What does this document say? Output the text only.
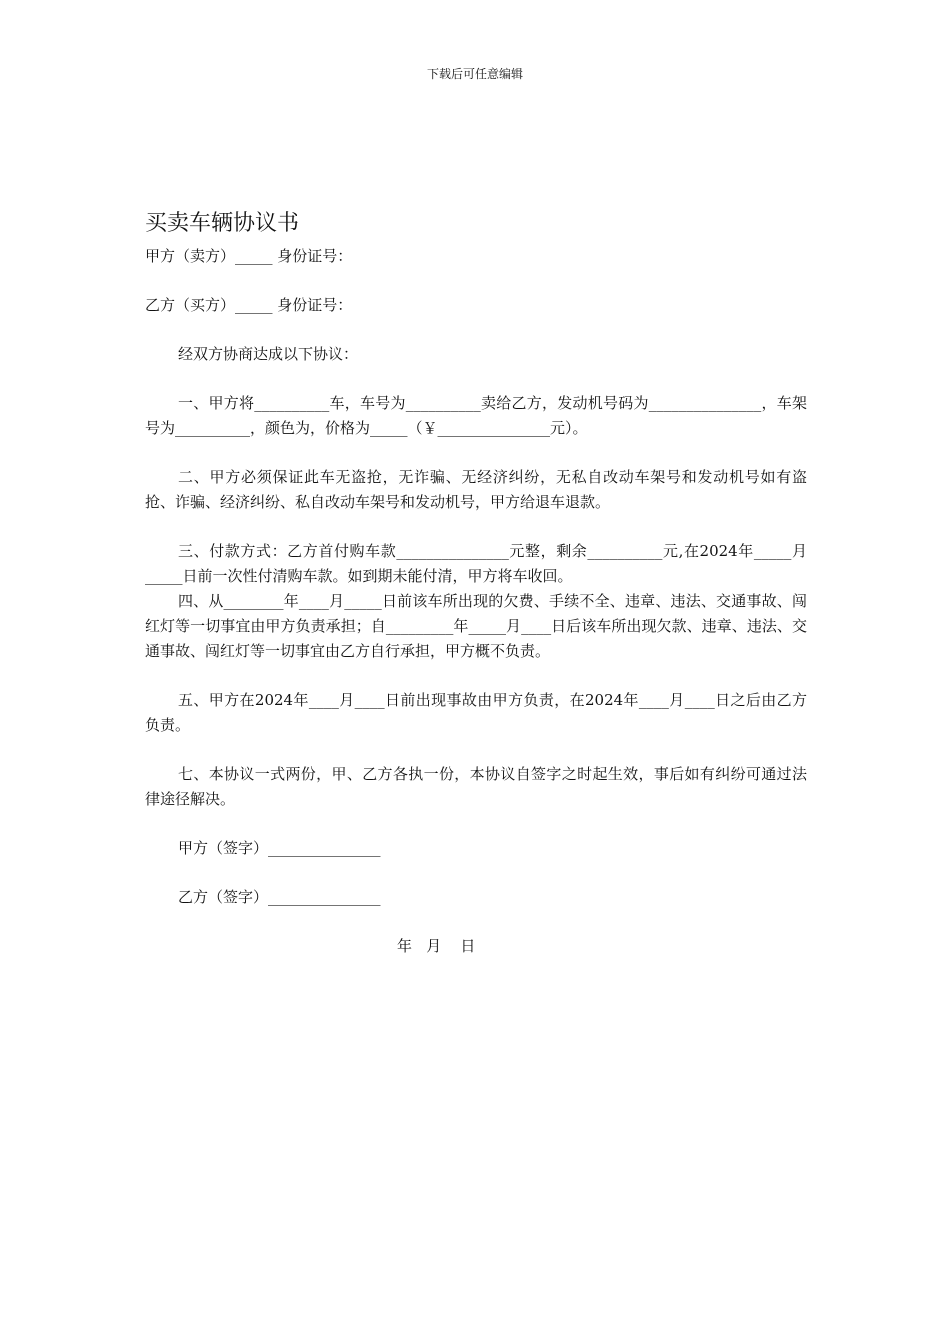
下载后可任意编辑
买卖车辆协议书

甲方（卖方）_____ 身份证号：

乙方（买方）_____ 身份证号：

经双方协商达成以下协议：

一、甲方将__________车，车号为__________卖给乙方，发动机号码为_______________，车架号为__________，颜色为，价格为_____（￥_______________元）。

二、甲方必须保证此车无盗抢，无诈骗、无经济纠纷，无私自改动车架号和发动机号如有盗抢、诈骗、经济纠纷、私自改动车架号和发动机号，甲方给退车退款。

三、付款方式：乙方首付购车款_______________元整，剩余__________元,在2024年_____月_____日前一次性付清购车款。如到期未能付清，甲方将车收回。

四、从________年____月_____日前该车所出现的欠费、手续不全、违章、违法、交通事故、闯红灯等一切事宜由甲方负责承担；自_________年_____月____日后该车所出现欠款、违章、违法、交通事故、闯红灯等一切事宜由乙方自行承担，甲方概不负责。

五、甲方在2024年____月____日前出现事故由甲方负责，在2024年____月____日之后由乙方负责。

七、本协议一式两份，甲、乙方各执一份，本协议自签字之时起生效，事后如有纠纷可通过法律途径解决。

甲方（签字）_______________

乙方（签字）_______________

年   月    日
